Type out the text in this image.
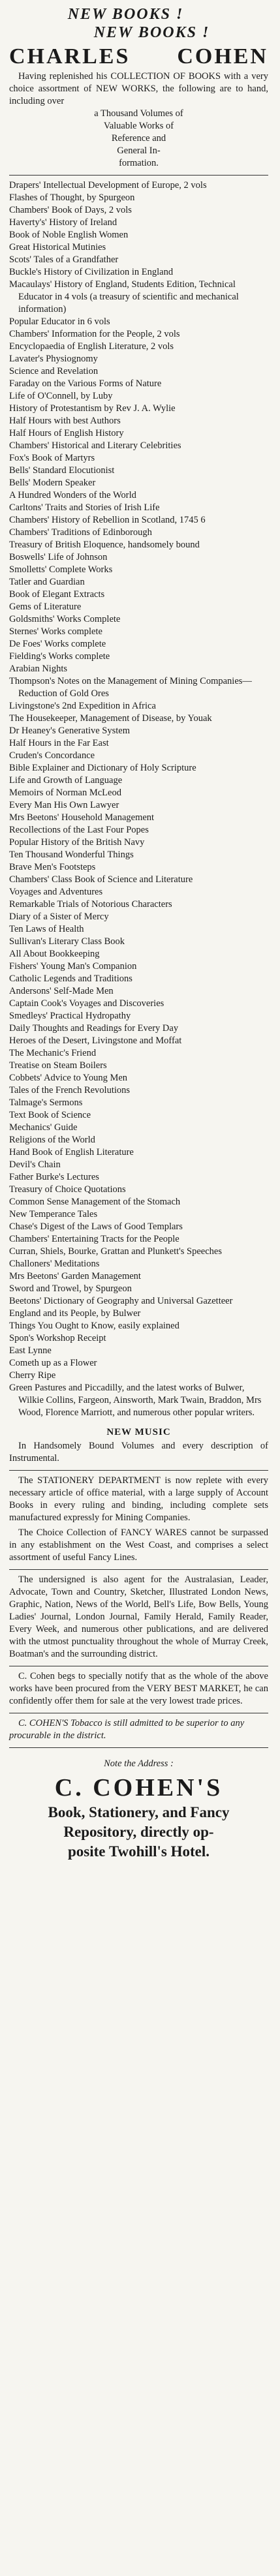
NEW BOOKS !
NEW BOOKS !
CHARLES COHEN

Having replenished his COLLECTION OF BOOKS with a very choice assortment of NEW WORKS, the following are to hand, including over

a Thousand Volumes of

Valuable Works of

Reference and

General In-

formation.

Drapers' Intellectual Development of Europe, 2 vols
Flashes of Thought, by Spurgeon
Chambers' Book of Days, 2 vols
Haverty's' History of Ireland
Book of Noble English Women
Great Historical Mutinies
Scots' Tales of a Grandfather
Buckle's History of Civilization in England
Macaulays' History of England, Students Edition, Technical Educator in 4 vols (a treasury of scientific and mechanical information)
Popular Educator in 6 vols
Chambers' Information for the People, 2 vols
Encyclopaedia of English Literature, 2 vols
Lavater's Physiognomy
Science and Revelation
Faraday on the Various Forms of Nature
Life of O'Connell, by Luby
History of Protestantism by Rev J. A. Wylie
Half Hours with best Authors
Half Hours of English History
Chambers' Historical and Literary Celebrities
Fox's Book of Martyrs
Bells' Standard Elocutionist
Bells' Modern Speaker
A Hundred Wonders of the World
Carltons' Traits and Stories of Irish Life
Chambers' History of Rebellion in Scotland, 1745 6
Chambers' Traditions of Edinborough
Treasury of British Eloquence, handsomely bound
Boswells' Life of Johnson
Smolletts' Complete Works
Tatler and Guardian
Book of Elegant Extracts
Gems of Literature
Goldsmiths' Works Complete
Sternes' Works complete
De Foes' Works complete
Fielding's Works complete
Arabian Nights
Thompson's Notes on the Management of Mining Companies—Reduction of Gold Ores
Livingstone's 2nd Expedition in Africa
The Housekeeper, Management of Disease, by Youak
Dr Heaney's Generative System
Half Hours in the Far East
Cruden's Concordance
Bible Explainer and Dictionary of Holy Scripture
Life and Growth of Language
Memoirs of Norman McLeod
Every Man His Own Lawyer
Mrs Beetons' Household Management
Recollections of the Last Four Popes
Popular History of the British Navy
Ten Thousand Wonderful Things
Brave Men's Footsteps
Chambers' Class Book of Science and Literature
Voyages and Adventures
Remarkable Trials of Notorious Characters
Diary of a Sister of Mercy
Ten Laws of Health
Sullivan's Literary Class Book
All About Bookkeeping
Fishers' Young Man's Companion
Catholic Legends and Traditions
Andersons' Self-Made Men
Captain Cook's Voyages and Discoveries
Smedleys' Practical Hydropathy
Daily Thoughts and Readings for Every Day
Heroes of the Desert, Livingstone and Moffat
The Mechanic's Friend
Treatise on Steam Boilers
Cobbets' Advice to Young Men
Tales of the French Revolutions
Talmage's Sermons
Text Book of Science
Mechanics' Guide
Religions of the World
Hand Book of English Literature
Devil's Chain
Father Burke's Lectures
Treasury of Choice Quotations
Common Sense Management of the Stomach
New Temperance Tales
Chase's Digest of the Laws of Good Templars
Chambers' Entertaining Tracts for the People
Curran, Shiels, Bourke, Grattan and Plunkett's Speeches
Challoners' Meditations
Mrs Beetons' Garden Management
Sword and Trowel, by Spurgeon
Beetons' Dictionary of Geography and Universal Gazetteer
England and its People, by Bulwer
Things You Ought to Know, easily explained
Spon's Workshop Receipt
East Lynne
Cometh up as a Flower
Cherry Ripe
Green Pastures and Piccadilly, and the latest works of Bulwer, Wilkie Collins, Fargeon, Ainsworth, Mark Twain, Braddon, Mrs Wood, Florence Marriott, and numerous other popular writers.
NEW MUSIC

In Handsomely Bound Volumes and every description of Instrumental.

The STATIONERY DEPARTMENT is now replete with every necessary article of office material, with a large supply of Account Books in every ruling and binding, including complete sets manufactured expressly for Mining Companies.

The Choice Collection of FANCY WARES cannot be surpassed in any establishment on the West Coast, and comprises a select assortment of useful Fancy Lines.

The undersigned is also agent for the Australasian, Leader, Advocate, Town and Country, Sketcher, Illustrated London News, Graphic, Nation, News of the World, Bell's Life, Bow Bells, Young Ladies' Journal, London Journal, Family Herald, Family Reader, Every Week, and numerous other publications, and are delivered with the utmost punctuality throughout the whole of Murray Creek, Boatman's and the surrounding district.

C. Cohen begs to specially notify that as the whole of the above works have been procured from the VERY BEST MARKET, he can confidently offer them for sale at the very lowest trade prices.

C. COHEN'S Tobacco is still admitted to be superior to any procurable in the district.

Note the Address :
C. COHEN'S
Book, Stationery, and Fancy
Repository, directly op-
posite Twohill's Hotel.
